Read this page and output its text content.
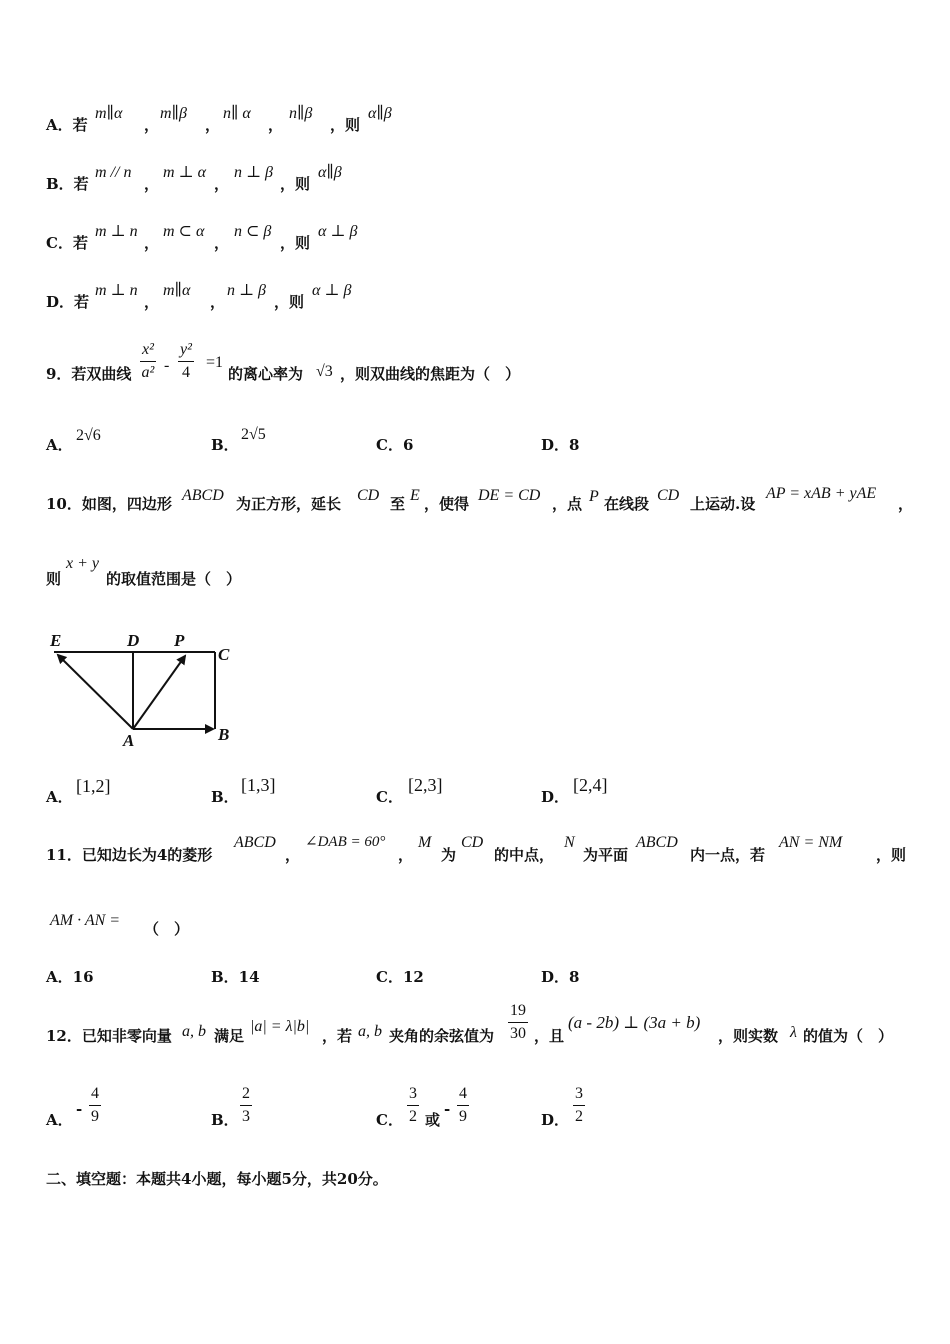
A．若
m∥α
，
m∥β
，
n∥ α
，
n∥β
，则
α∥β
B．若
m // n
，
m ⊥ α
，
n ⊥ β
，则
α∥β
C．若
m ⊥ n
，
m ⊂ α
，
n ⊂ β
，则
α ⊥ β
D．若
m ⊥ n
，
m∥α
，
n ⊥ β
，则
α ⊥ β
9．若双曲线
x²
a² -
y²
4
=1
的离心率为 √3 ，则双曲线的焦距为（　）
A．
2√6
B．
2√5
C．6	D．8
10．如图，四边形 ABCD 为正方形，延长 CD 至 E ，使得 DE = CD ，点 P 在线段 CD 上运动.设
AP = xAB + yAE
，
则
x + y
的取值范围是（　）
E	D P
C
A	B
A．
[1,2]
B．
[1,3]
C．
[2,3]
D．
[2,4]
11．已知边长为4的菱形
ABCD
，
∠DAB = 60°
，
M
为
CD
的中点，
N
为平面
ABCD
内一点，若
AN = NM
，则
AM · AN = （　）
A．16	B．14	C．12	D．8
12．已知非零向量 a, b 满足
|a| = λ|b|
，若 a, b 夹角的余弦值为
19
30 ，且
(a - 2b) ⊥ (3a + b)
，则实数 λ 的值为（　）
A．
-
4
9	B．
2
3	C．
3
2 或
-
4
9	D．
3
2
二、填空题：本题共4小题，每小题5分，共20分。
